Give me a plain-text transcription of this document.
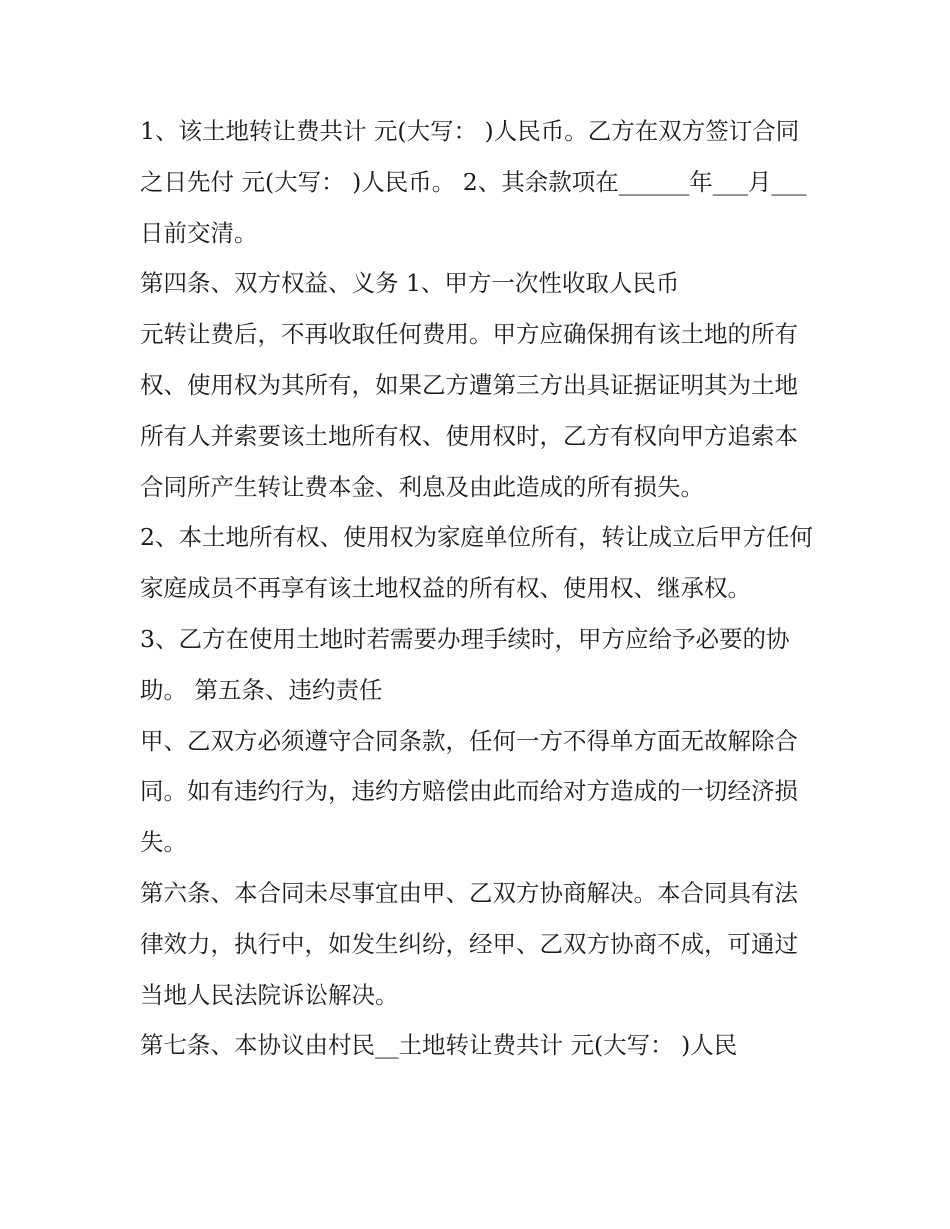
1、该土地转让费共计 元(大写： )人民币。乙方在双方签订合同之日先付 元(大写： )人民币。 2、其余款项在______年___月___日前交清。

第四条、双方权益、义务 1、甲方一次性收取人民币

元转让费后，不再收取任何费用。甲方应确保拥有该土地的所有权、使用权为其所有，如果乙方遭第三方出具证据证明其为土地所有人并索要该土地所有权、使用权时，乙方有权向甲方追索本合同所产生转让费本金、利息及由此造成的所有损失。

2、本土地所有权、使用权为家庭单位所有，转让成立后甲方任何家庭成员不再享有该土地权益的所有权、使用权、继承权。

3、乙方在使用土地时若需要办理手续时，甲方应给予必要的协助。 第五条、违约责任

甲、乙双方必须遵守合同条款，任何一方不得单方面无故解除合同。如有违约行为，违约方赔偿由此而给对方造成的一切经济损失。

第六条、本合同未尽事宜由甲、乙双方协商解决。本合同具有法律效力，执行中，如发生纠纷，经甲、乙双方协商不成，可通过当地人民法院诉讼解决。

第七条、本协议由村民__土地转让费共计 元(大写： )人民
